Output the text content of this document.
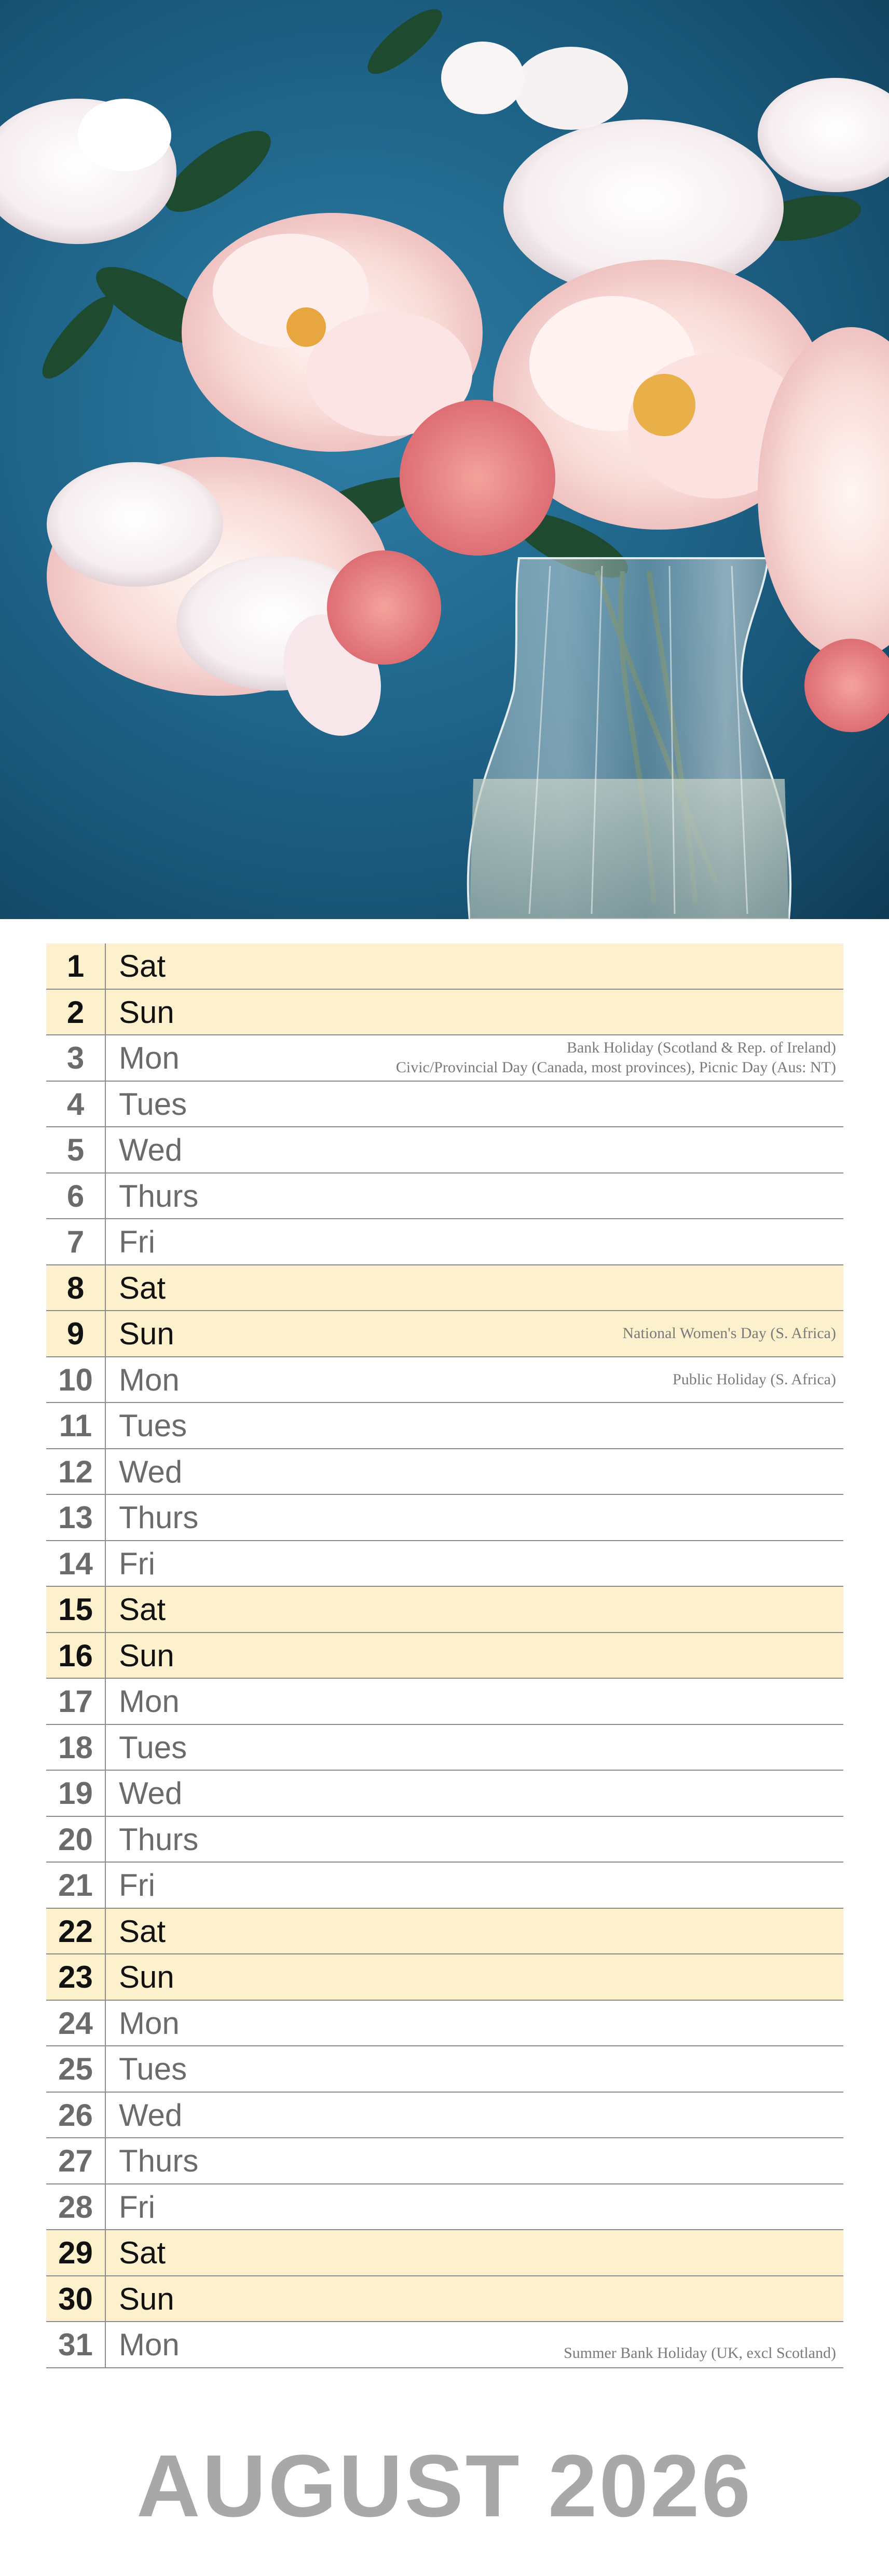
1	Sat
2	Sun
3	Mon	Bank Holiday (Scotland & Rep. of Ireland)
Civic/Provincial Day (Canada, most provinces), Picnic Day (Aus: NT)
4	Tues
5	Wed
6	Thurs
7	Fri
8	Sat
9	Sun	National Women's Day (S. Africa)
10 Mon	Public Holiday (S. Africa)
11 Tues
12 Wed
13 Thurs
14 Fri
15 Sat
16 Sun
17 Mon
18 Tues
19 Wed
20 Thurs
21 Fri
22 Sat
23 Sun
24 Mon
25 Tues
26 Wed
27 Thurs
28 Fri
29 Sat
30 Sun
31 Mon	Summer Bank Holiday (UK, excl Scotland)
AUGUST 2026
